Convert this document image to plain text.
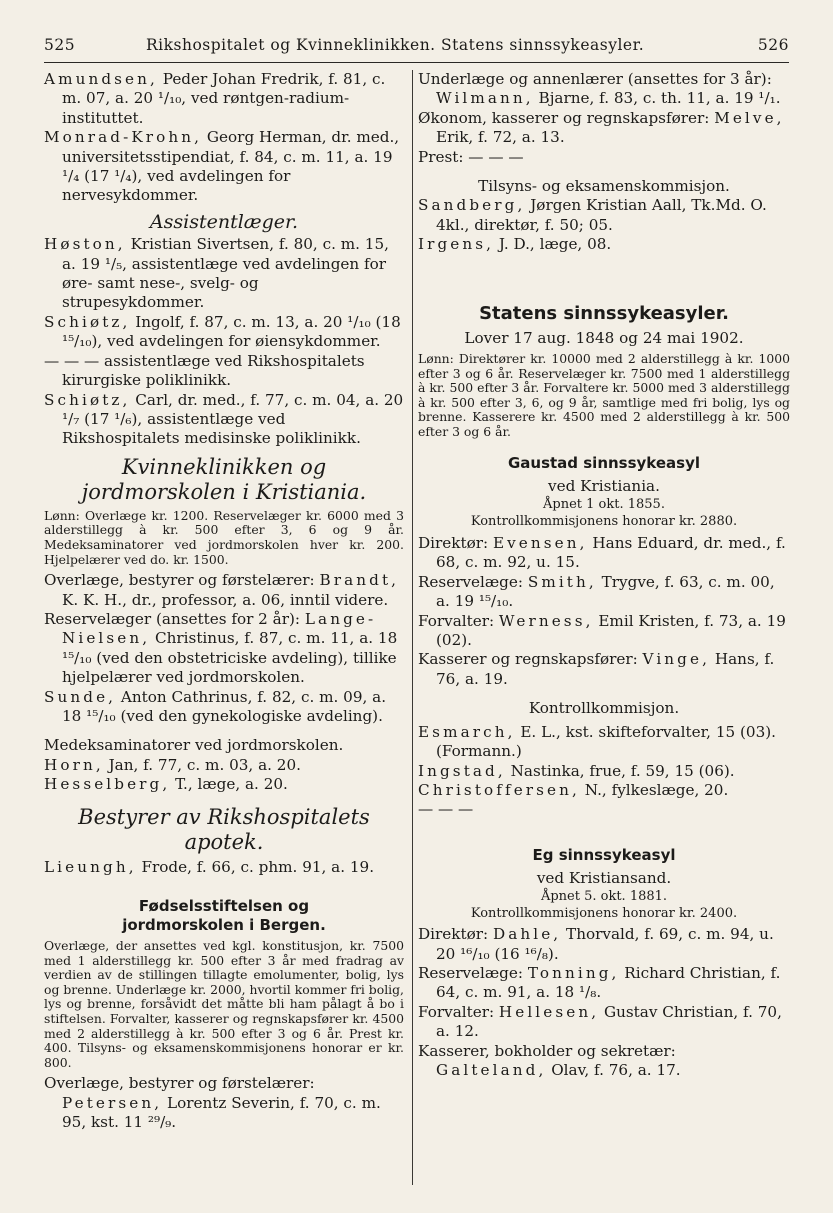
525	Rikshospitalet og Kvinneklinikken. Statens sinnssykeasyler.	526

Amundsen, Peder Johan Fredrik, f. 81, c. m. 07, a. 20 ¹/₁₀, ved røntgen-radium-instituttet.

Monrad-Krohn, Georg Herman, dr. med., universitetsstipendiat, f. 84, c. m. 11, a. 19 ¹/₄ (17 ¹/₄), ved avdelingen for nervesykdommer.

Assistentlæger.

Høston, Kristian Sivertsen, f. 80, c. m. 15, a. 19 ¹/₅, assistentlæge ved avdelingen for øre- samt nese-, svelg- og strupesykdommer.

Schiøtz, Ingolf, f. 87, c. m. 13, a. 20 ¹/₁₀ (18 ¹⁵/₁₀), ved avdelingen for øiensykdommer.

— — — assistentlæge ved Rikshospitalets kirurgiske poliklinikk.

Schiøtz, Carl, dr. med., f. 77, c. m. 04, a. 20 ¹/₇ (17 ¹/₆), assistentlæge ved Rikshospitalets medisinske poliklinikk.

Kvinneklinikken og jordmorskolen i Kristiania.

Lønn: Overlæge kr. 1200. Reservelæger kr. 6000 med 3 alderstillegg à kr. 500 efter 3, 6 og 9 år. Medeksaminatorer ved jordmorskolen hver kr. 200. Hjelpelærer ved do. kr. 1500.

Overlæge, bestyrer og førstelærer: Brandt, K. K. H., dr., professor, a. 06, inntil videre.

Reservelæger (ansettes for 2 år): Lange-Nielsen, Christinus, f. 87, c. m. 11, a. 18 ¹⁵/₁₀ (ved den obstetriciske avdeling), tillike hjelpelærer ved jordmorskolen.

Sunde, Anton Cathrinus, f. 82, c. m. 09, a. 18 ¹⁵/₁₀ (ved den gynekologiske avdeling).

Medeksaminatorer ved jordmorskolen.

Horn, Jan, f. 77, c. m. 03, a. 20.

Hesselberg, T., læge, a. 20.

Bestyrer av Rikshospitalets apotek.

Lieungh, Frode, f. 66, c. phm. 91, a. 19.

Fødselsstiftelsen og jordmorskolen i Bergen.

Overlæge, der ansettes ved kgl. konstitusjon, kr. 7500 med 1 alderstillegg kr. 500 efter 3 år med fradrag av verdien av de stillingen tillagte emolumenter, bolig, lys og brenne. Underlæge kr. 2000, hvortil kommer fri bolig, lys og brenne, forsåvidt det måtte bli ham pålagt å bo i stiftelsen. Forvalter, kasserer og regnskapsfører kr. 4500 med 2 alderstillegg à kr. 500 efter 3 og 6 år. Prest kr. 400. Tilsyns- og eksamenskommisjonens honorar er kr. 800.

Overlæge, bestyrer og førstelærer: Petersen, Lorentz Severin, f. 70, c. m. 95, kst. 11 ²⁹/₉.

Underlæge og annenlærer (ansettes for 3 år): Wilmann, Bjarne, f. 83, c. th. 11, a. 19 ¹/₁.

Økonom, kasserer og regnskapsfører: Melve, Erik, f. 72, a. 13.

Prest: — — —

Tilsyns- og eksamenskommisjon.

Sandberg, Jørgen Kristian Aall, Tk.Md. O. 4kl., direktør, f. 50; 05.

Irgens, J. D., læge, 08.

Statens sinnssykeasyler.
Lover 17 aug. 1848 og 24 mai 1902.

Lønn: Direktører kr. 10000 med 2 alderstillegg à kr. 1000 efter 3 og 6 år. Reservelæger kr. 7500 med 1 alderstillegg à kr. 500 efter 3 år. Forvaltere kr. 5000 med 3 alderstillegg à kr. 500 efter 3, 6, og 9 år, samtlige med fri bolig, lys og brenne. Kasserere kr. 4500 med 2 alderstillegg à kr. 500 efter 3 og 6 år.

Gaustad sinnssykeasyl
ved Kristiania.
Åpnet 1 okt. 1855.
Kontrollkommisjonens honorar kr. 2880.

Direktør: Evensen, Hans Eduard, dr. med., f. 68, c. m. 92, u. 15.

Reservelæge: Smith, Trygve, f. 63, c. m. 00, a. 19 ¹⁵/₁₀.

Forvalter: Werness, Emil Kristen, f. 73, a. 19 (02).

Kasserer og regnskapsfører: Vinge, Hans, f. 76, a. 19.

Kontrollkommisjon.

Esmarch, E. L., kst. skifteforvalter, 15 (03). (Formann.)

Ingstad, Nastinka, frue, f. 59, 15 (06).

Christoffersen, N., fylkeslæge, 20.

— — —

Eg sinnssykeasyl
ved Kristiansand.
Åpnet 5. okt. 1881.
Kontrollkommisjonens honorar kr. 2400.

Direktør: Dahle, Thorvald, f. 69, c. m. 94, u. 20 ¹⁶/₁₀ (16 ¹⁶/₈).

Reservelæge: Tonning, Richard Christian, f. 64, c. m. 91, a. 18 ¹/₈.

Forvalter: Hellesen, Gustav Christian, f. 70, a. 12.

Kasserer, bokholder og sekretær: Galteland, Olav, f. 76, a. 17.
